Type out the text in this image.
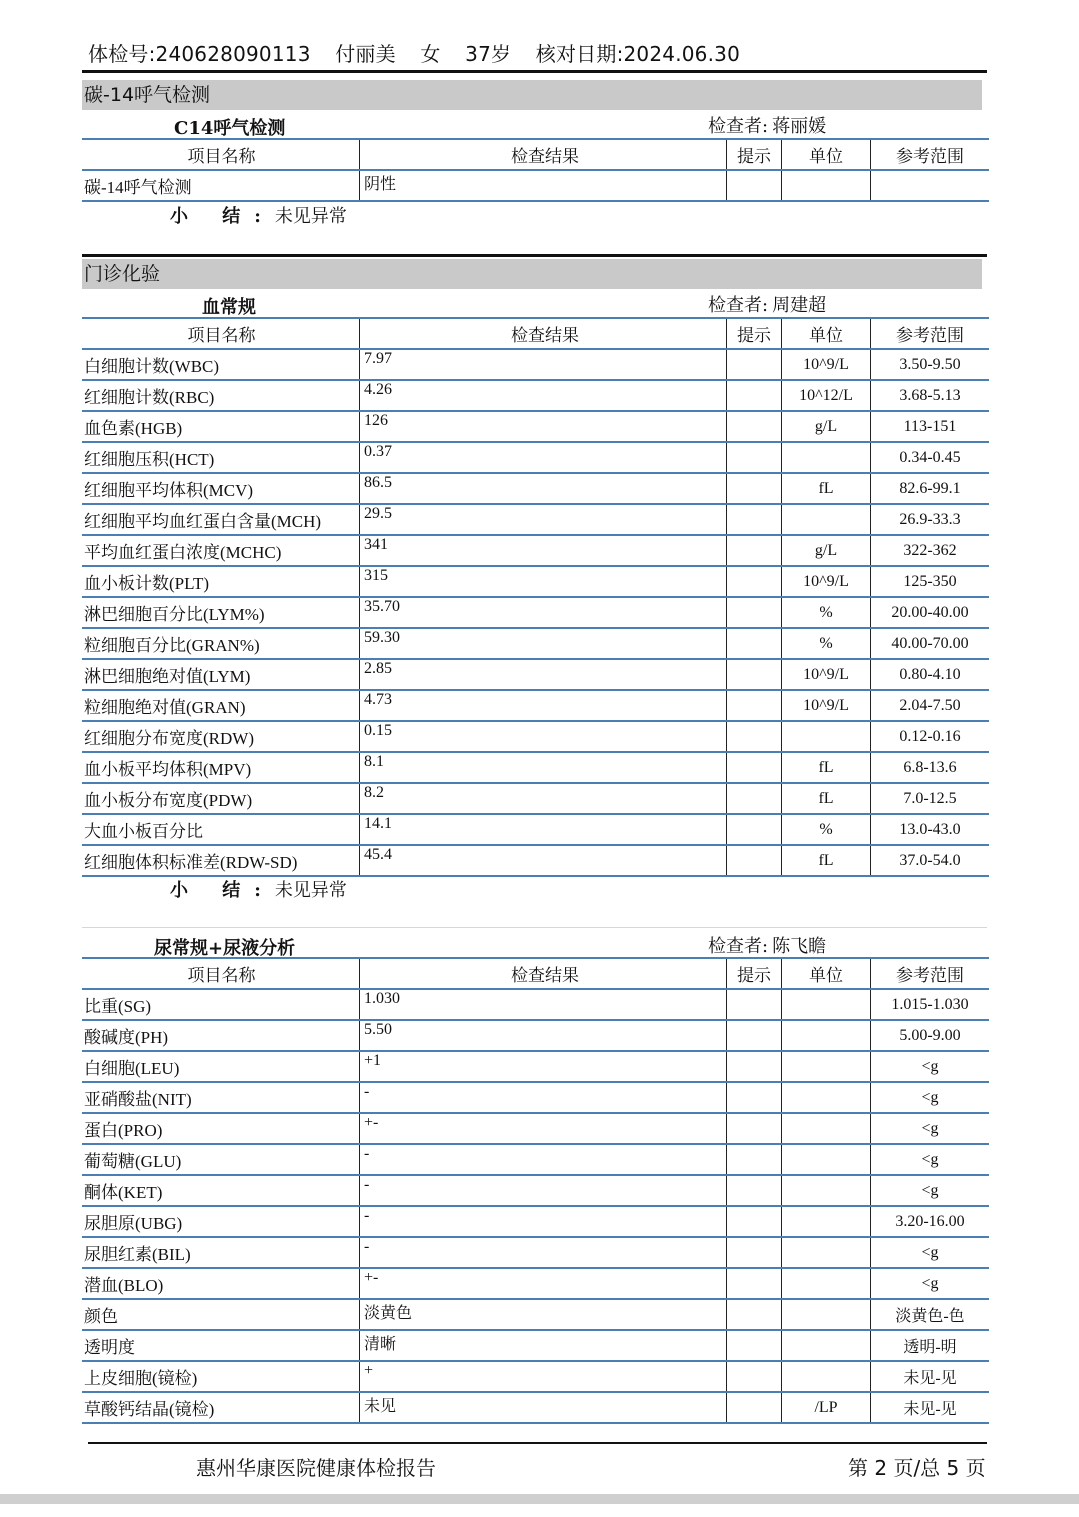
体检号:240628090113 付丽美 女 37岁 核对日期:2024.06.30
碳-14呼气检测
C14呼气检测	检查者: 蒋丽媛
项目名称	检查结果	提示	单位	参考范围
碳-14呼气检测	阴性			
小 结:未见异常
门诊化验
血常规	检查者: 周建超
项目名称	检查结果	提示	单位	参考范围
白细胞计数(WBC)	7.97		10^9/L	3.50-9.50
红细胞计数(RBC)	4.26		10^12/L	3.68-5.13
血色素(HGB)	126		g/L	113-151
红细胞压积(HCT)	0.37			0.34-0.45
红细胞平均体积(MCV)	86.5		fL	82.6-99.1
红细胞平均血红蛋白含量(MCH)	29.5			26.9-33.3
平均血红蛋白浓度(MCHC)	341		g/L	322-362
血小板计数(PLT)	315		10^9/L	125-350
淋巴细胞百分比(LYM%)	35.70		%	20.00-40.00
粒细胞百分比(GRAN%)	59.30		%	40.00-70.00
淋巴细胞绝对值(LYM)	2.85		10^9/L	0.80-4.10
粒细胞绝对值(GRAN)	4.73		10^9/L	2.04-7.50
红细胞分布宽度(RDW)	0.15			0.12-0.16
血小板平均体积(MPV)	8.1		fL	6.8-13.6
血小板分布宽度(PDW)	8.2		fL	7.0-12.5
大血小板百分比	14.1		%	13.0-43.0
红细胞体积标准差(RDW-SD)	45.4		fL	37.0-54.0
小 结:未见异常
尿常规+尿液分析	检查者: 陈飞瞻
项目名称	检查结果	提示	单位	参考范围
比重(SG)	1.030			1.015-1.030
酸碱度(PH)	5.50			5.00-9.00
白细胞(LEU)	+1			<g
亚硝酸盐(NIT)	-			<g
蛋白(PRO)	+-			<g
葡萄糖(GLU)	-			<g
酮体(KET)	-			<g
尿胆原(UBG)	-			3.20-16.00
尿胆红素(BIL)	-			<g
潜血(BLO)	+-			<g
颜色	淡黄色			淡黄色-色
透明度	清晰			透明-明
上皮细胞(镜检)	+			未见-见
草酸钙结晶(镜检)	未见		/LP	未见-见
惠州华康医院健康体检报告	第 2 页/总 5 页
